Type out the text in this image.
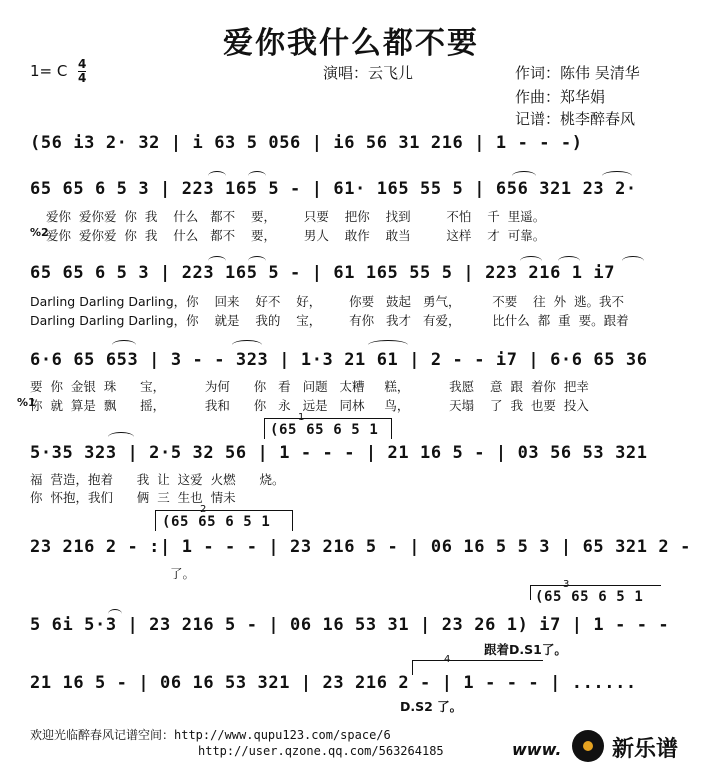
爱你我什么都不要
1= C 4
4	演唱：云飞儿	作词：陈伟 吴清华
作曲：郑华娟
记谱：桃李醉春风
(56 i3 2· 32 | i 63 5 056 | i6 56 31 216 | 1 - - -)
65 65 6 5 3 | 223 165 5 - | 61· 165 55 5 | 656 321 23 2·
爱你  爱你爱  你  我    什么   都不    要，       只要    把你    找到         不怕    千  里遥。
爱你  爱你爱  你  我    什么   都不    要，       男人    敢作    敢当         这样    才  可靠。
%2
65 65 6 5 3 | 223 165 5 - | 61 165 55 5 | 223 216 1 i7
Darling Darling Darling，你    回来    好不    好，       你要   鼓起   勇气，        不要    往  外  逃。我不
Darling Darling Darling，你    就是    我的    宝，       有你   我才   有爱，        比什么  都  重  要。跟着
6·6 65 653 | 3 - - 323 | 1·3 21 61 | 2 - - i7 | 6·6 65 36
要  你  金银  珠      宝，          为何      你   看   问题   太糟     糕，          我愿    意  跟  着你  把幸
你  就  算是  飘      摇，          我和      你   永   远是   同林     鸟，          天塌    了  我  也要  投入
%1
1
(65 65 6 5 1
5·35 323 | 2·5 32 56 | 1 - - - | 21 16 5 - | 03 56 53 321
福  营造，抱着      我  让  这爱  火燃      烧。
你  怀抱，我们      俩  三  生也  情未
2
(65 65 6 5 1
23 216 2 - :| 1 - - - | 23 216 5 - | 06 16 5 5 3 | 65 321 2 -
了。
3
(65 65 6 5 1
5 6i 5·3 | 23 216 5 - | 06 16 53 31 | 23 26 1) i7 | 1 - - -
跟着D.S1了。
4
21 16 5 - | 06 16 53 321 | 23 216 2 - | 1 - - - | ......
D.S2 了。
欢迎光临醉春风记谱空间：http://www.qupu123.com/space/6
http://user.qzone.qq.com/563264185	www. 新乐谱
